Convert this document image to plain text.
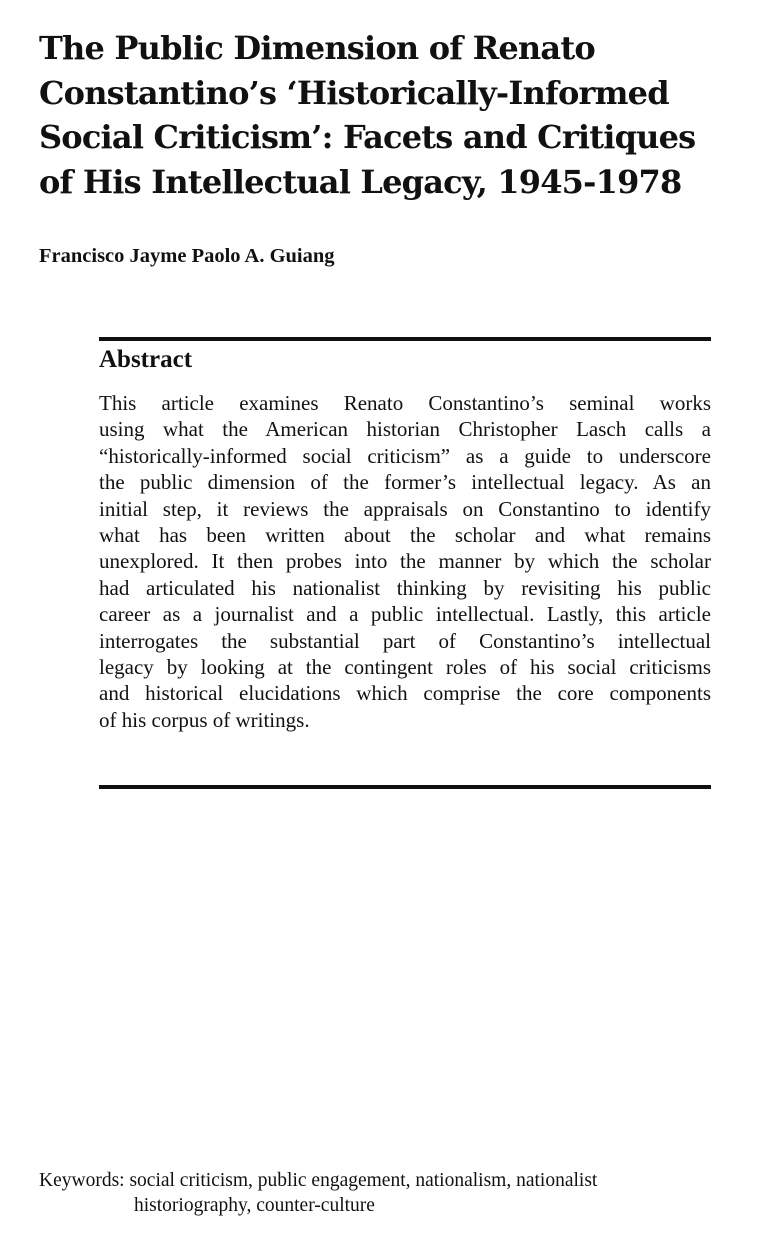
The Public Dimension of Renato
Constantino’s ‘Historically-Informed
Social Criticism’: Facets and Critiques
of His Intellectual Legacy, 1945-1978

Francisco Jayme Paolo A. Guiang

Abstract
This article examines Renato Constantino’s seminal works
using what the American historian Christopher Lasch calls a
“historically-informed social criticism” as a guide to underscore
the public dimension of the former’s intellectual legacy. As an
initial step, it reviews the appraisals on Constantino to identify
what has been written about the scholar and what remains
unexplored. It then probes into the manner by which the scholar
had articulated his nationalist thinking by revisiting his public
career as a journalist and a public intellectual. Lastly, this article
interrogates the substantial part of Constantino’s intellectual
legacy by looking at the contingent roles of his social criticisms
and historical elucidations which comprise the core components
of his corpus of writings.
Keywords: social criticism, public engagement, nationalism, nationalist
historiography, counter-culture
